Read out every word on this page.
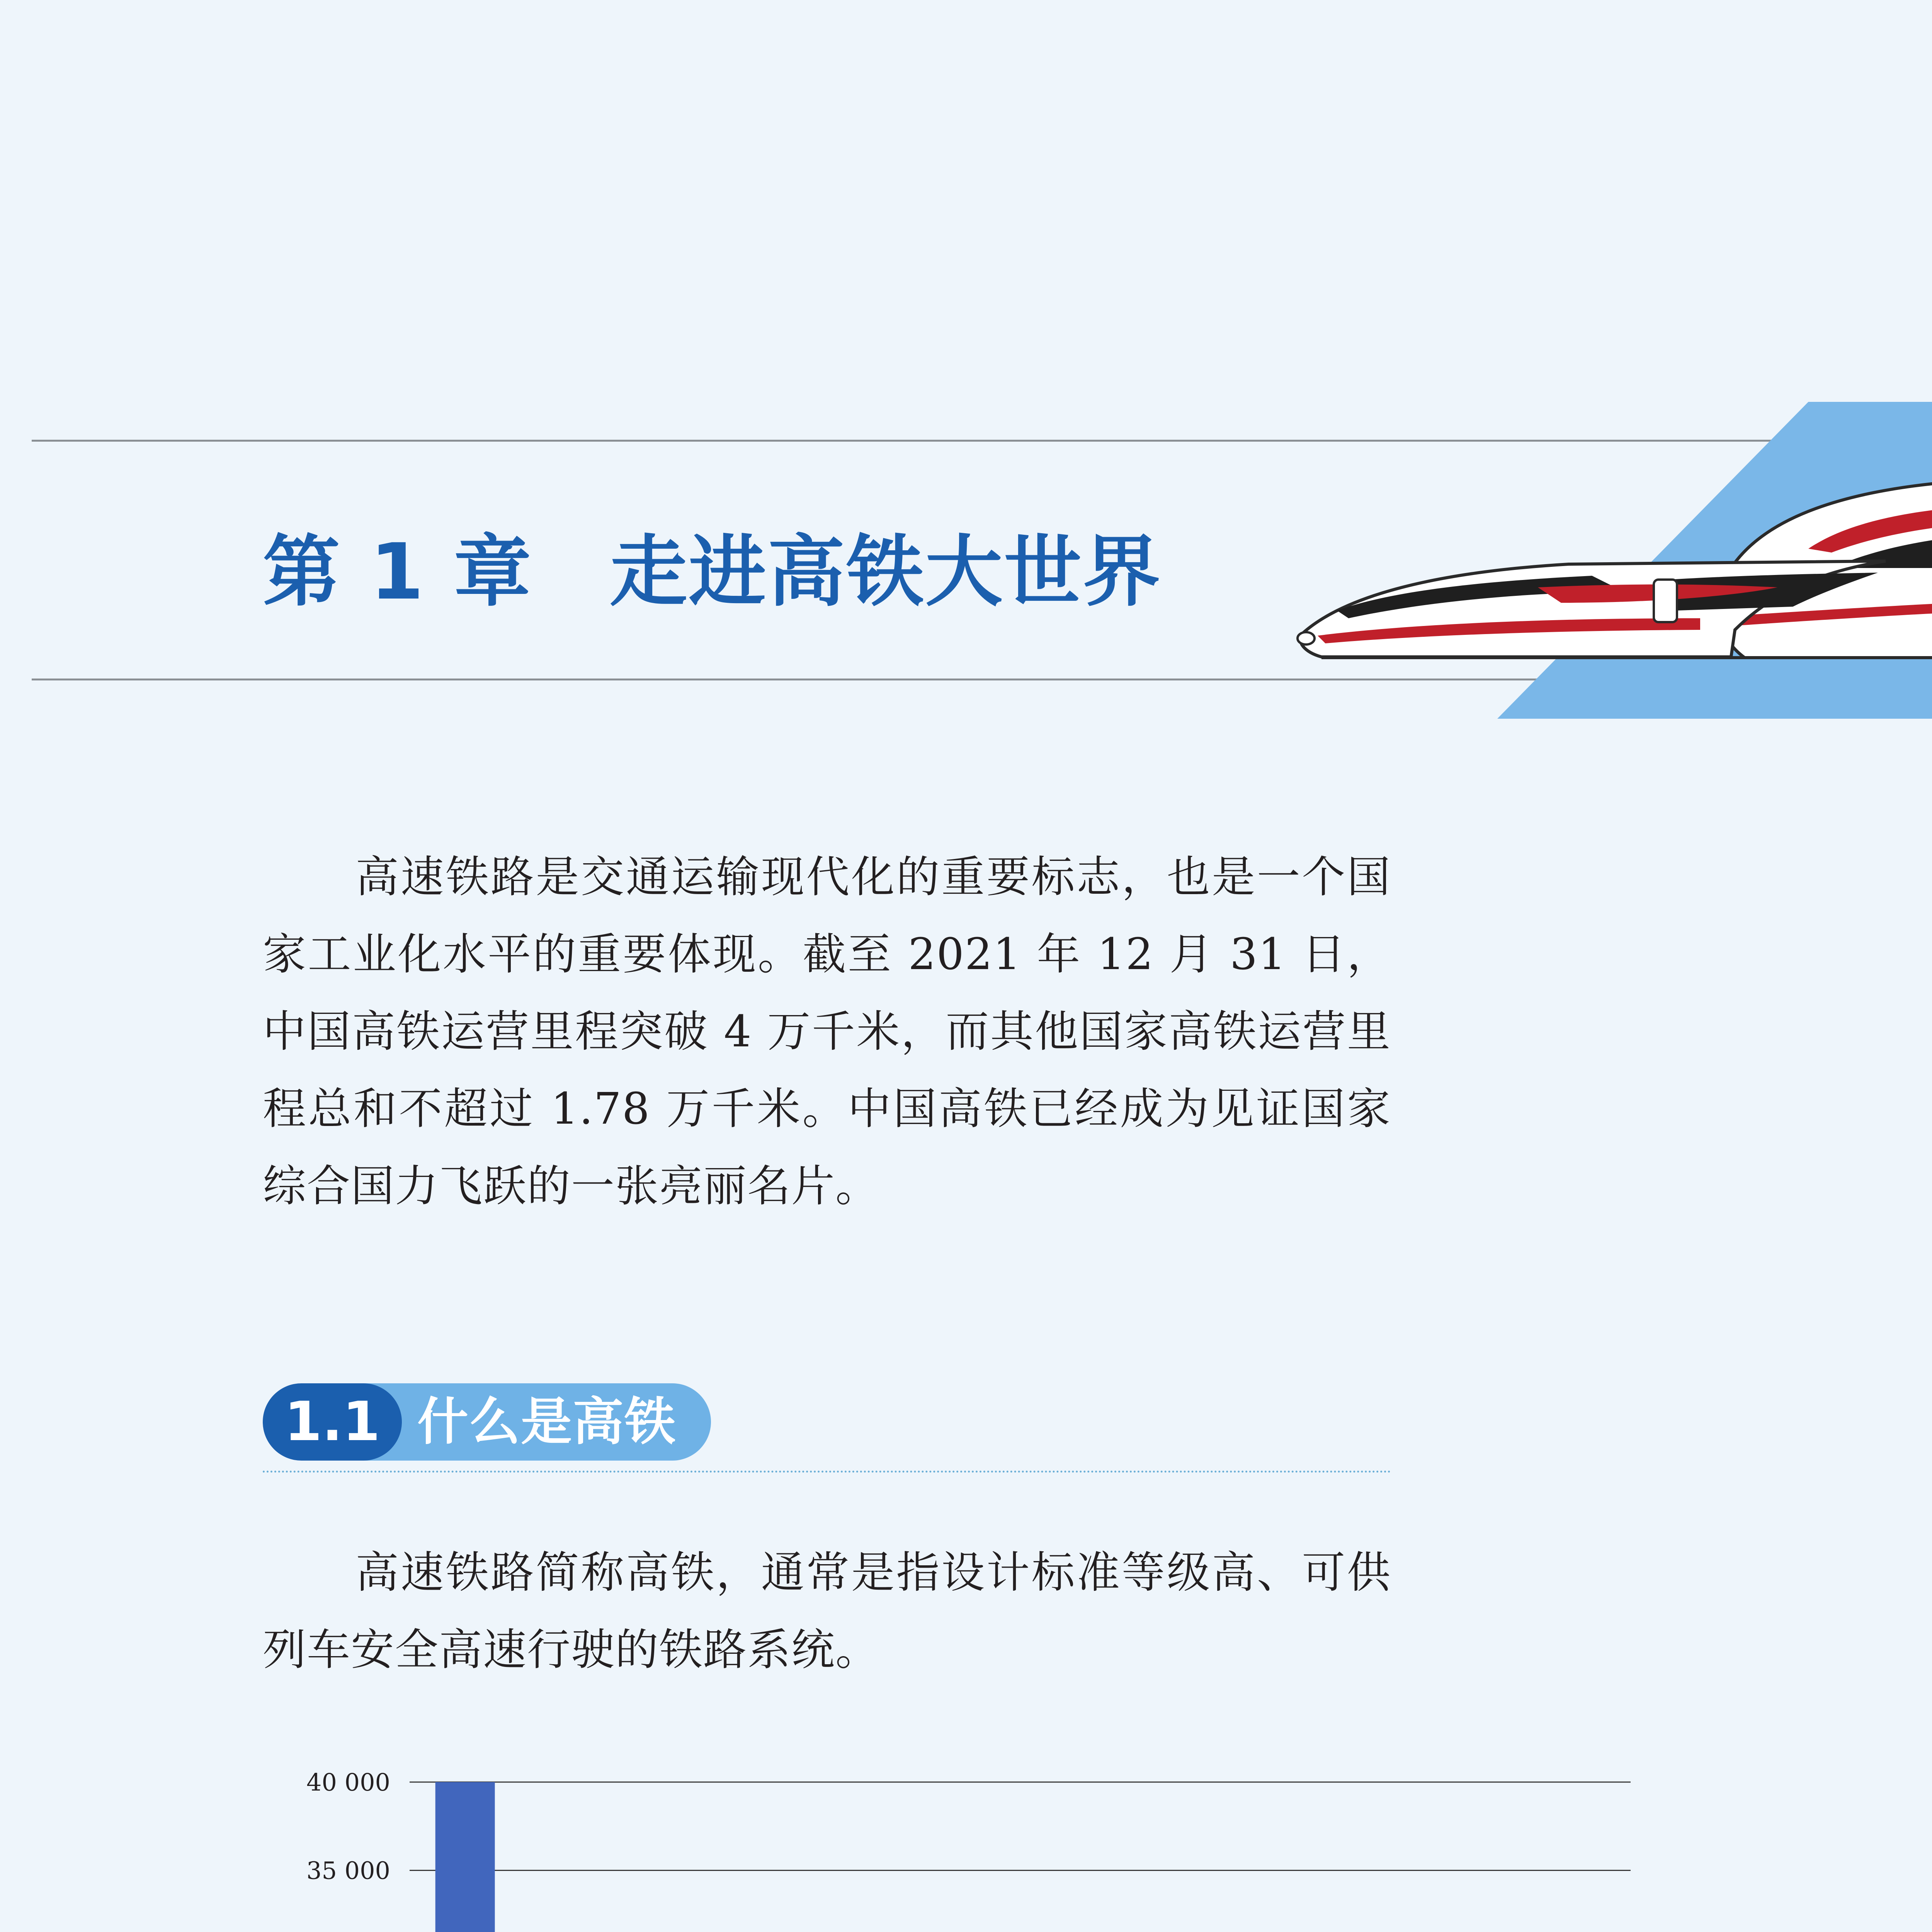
第 1 章 走进高铁大世界

高速铁路是交通运输现代化的重要标志，也是一个国家工业化水平的重要体现。截至 2021 年 12 月 31 日，中国高铁运营里程突破 4 万千米，而其他国家高铁运营里程总和不超过 1.78 万千米。中国高铁已经成为见证国家综合国力飞跃的一张亮丽名片。

1.1 什么是高铁

高速铁路简称高铁，通常是指设计标准等级高、可供列车安全高速行驶的铁路系统。

35 000
40 000
